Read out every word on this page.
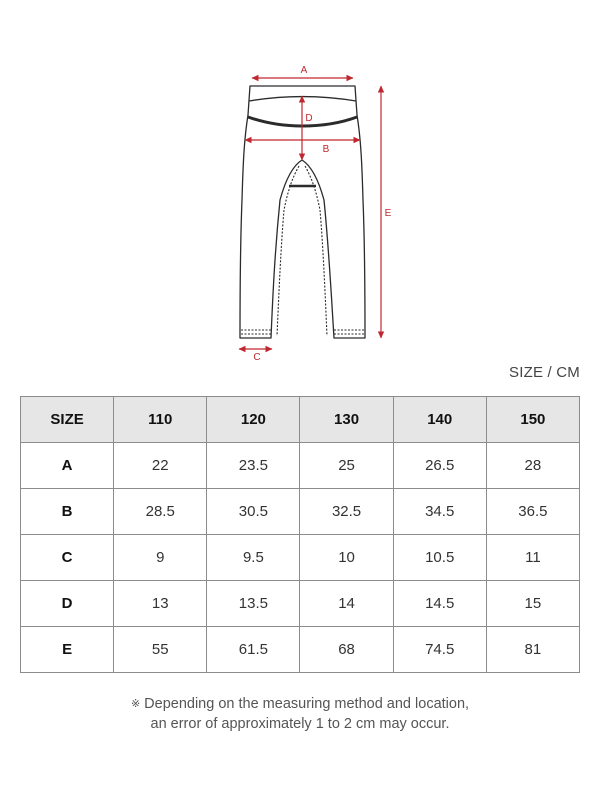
A
B
C
D
E
SIZE / CM
SIZE	110	120	130	140	150
A	22	23.5	25	26.5	28
B	28.5	30.5	32.5	34.5	36.5
C	9	9.5	10	10.5	11
D	13	13.5	14	14.5	15
E	55	61.5	68	74.5	81

※ Depending on the measuring method and location,

an error of approximately 1 to 2 cm may occur.
